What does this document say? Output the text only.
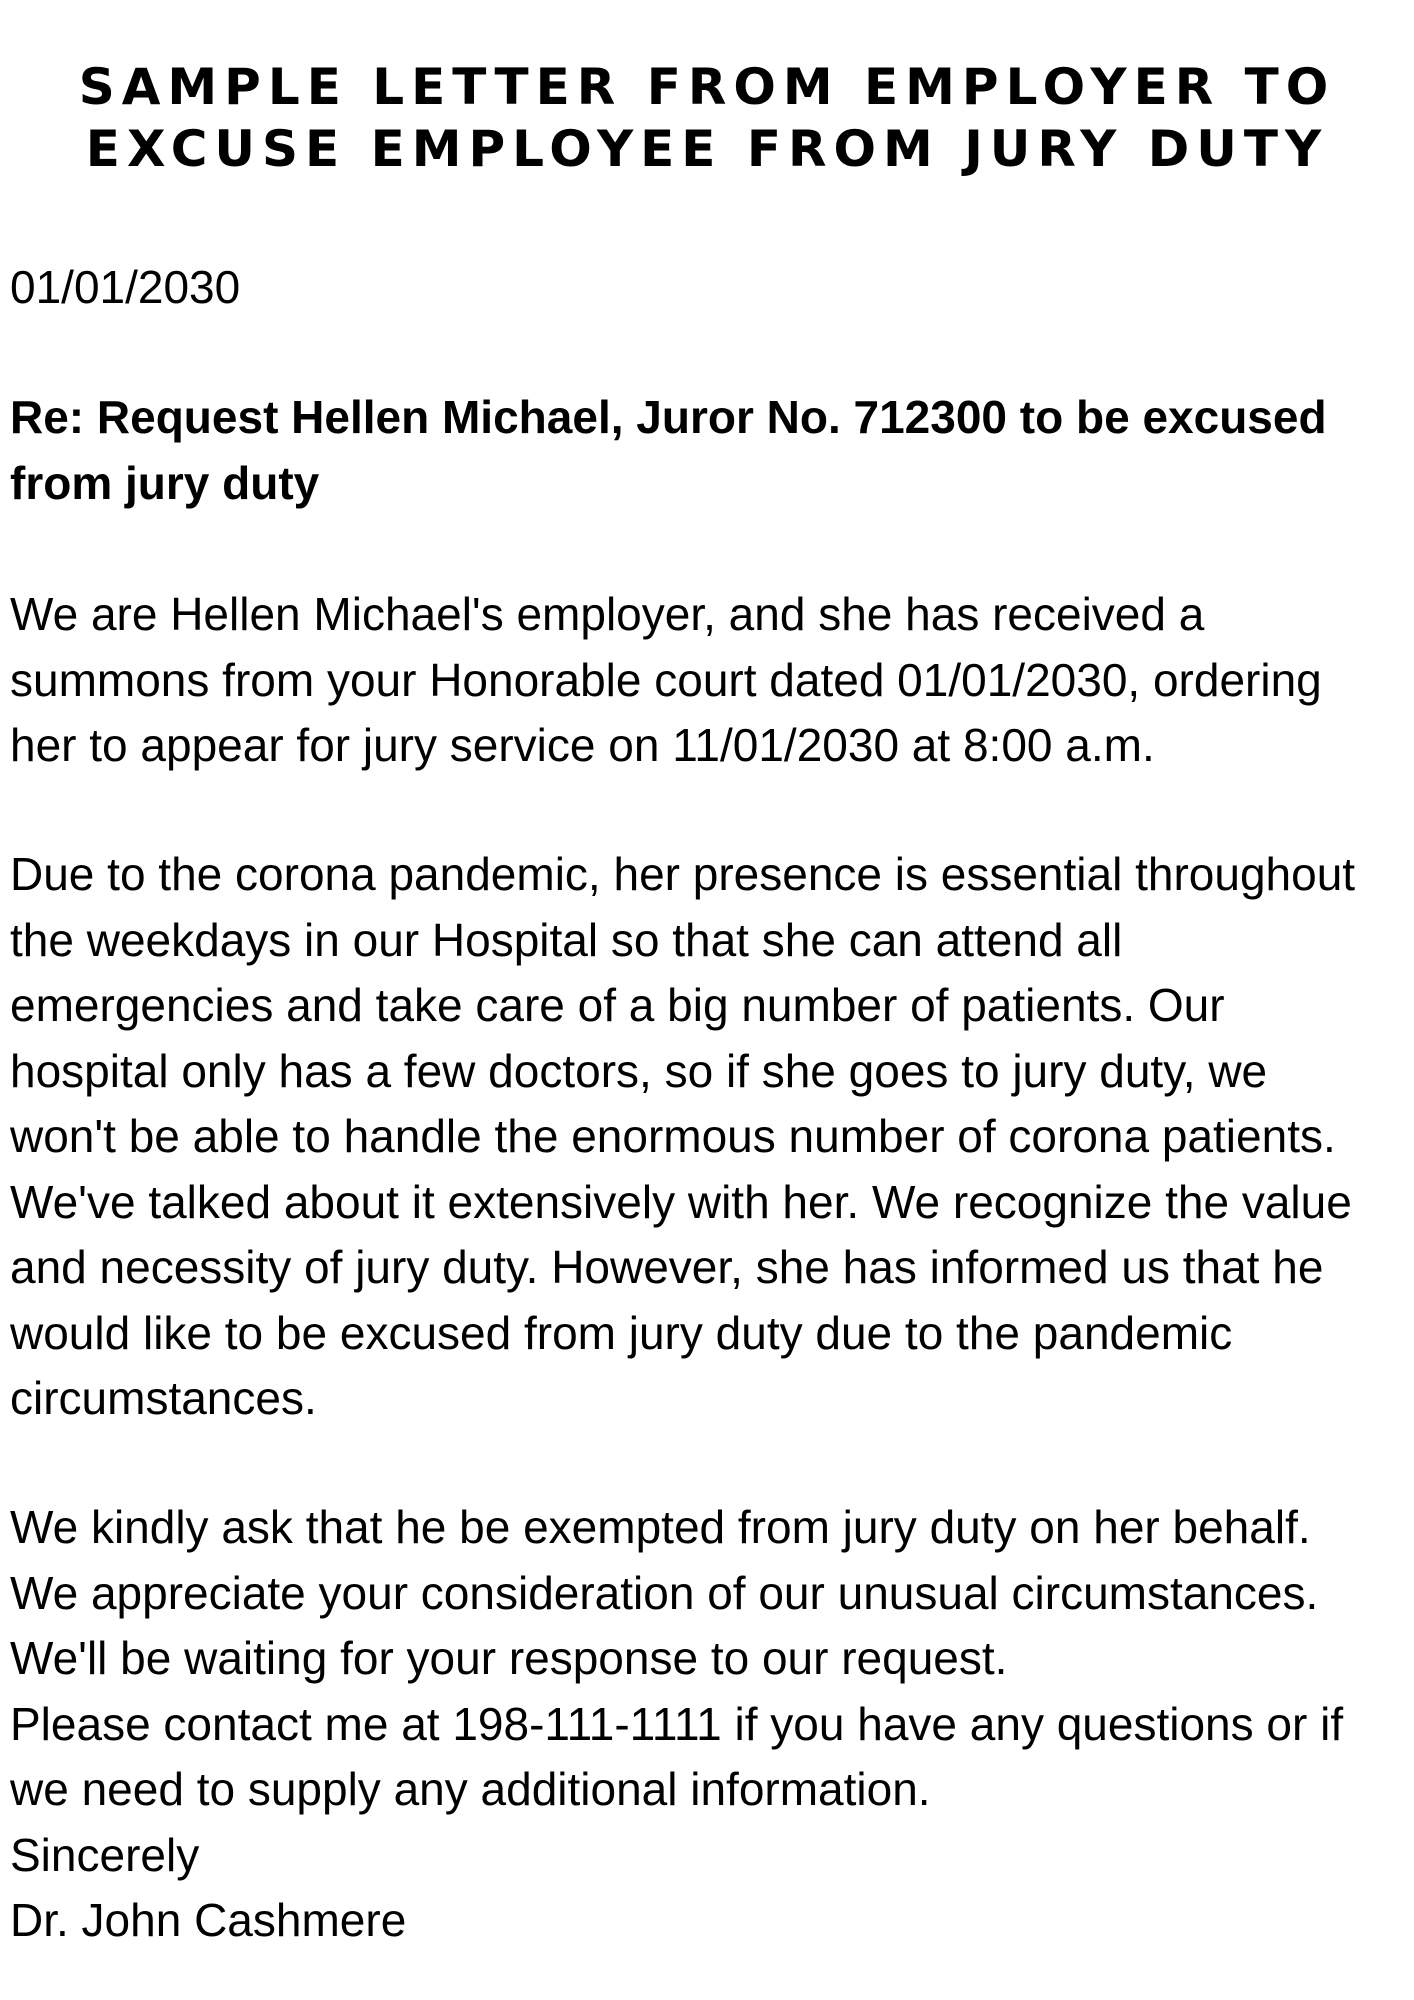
SAMPLE LETTER FROM EMPLOYER TO
EXCUSE EMPLOYEE FROM JURY DUTY

01/01/2030

Re: Request Hellen Michael, Juror No. 712300 to be excused
from jury duty

We are Hellen Michael's employer, and she has received a
summons from your Honorable court dated 01/01/2030, ordering
her to appear for jury service on 11/01/2030 at 8:00 a.m.

Due to the corona pandemic, her presence is essential throughout
the weekdays in our Hospital so that she can attend all
emergencies and take care of a big number of patients. Our
hospital only has a few doctors, so if she goes to jury duty, we
won't be able to handle the enormous number of corona patients.
We've talked about it extensively with her. We recognize the value
and necessity of jury duty. However, she has informed us that he
would like to be excused from jury duty due to the pandemic
circumstances.

We kindly ask that he be exempted from jury duty on her behalf.
We appreciate your consideration of our unusual circumstances.
We'll be waiting for your response to our request.
Please contact me at 198-111-1111 if you have any questions or if
we need to supply any additional information.
Sincerely
Dr. John Cashmere
